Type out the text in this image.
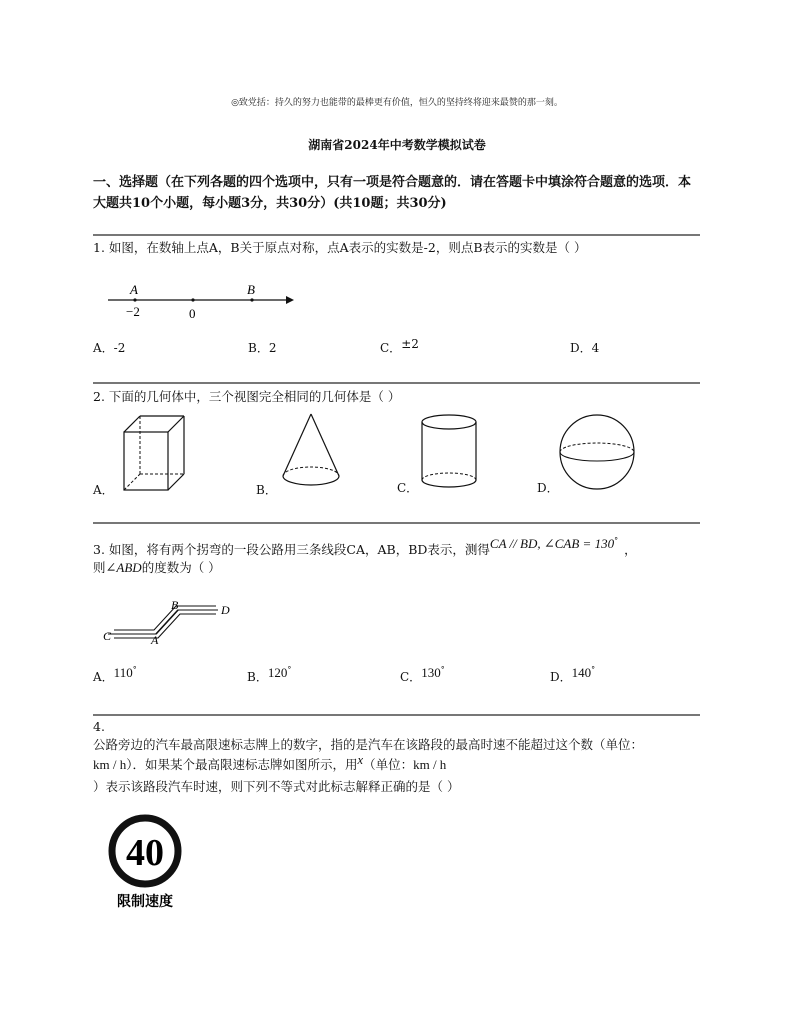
◎致党括：持久的努力也能带的最棒更有价值，恒久的坚持终将迎来最赞的那一刻。
湖南省2024年中考数学模拟试卷
一、选择题（在下列各题的四个选项中，只有一项是符合题意的．请在答题卡中填涂符合题意的选项．本大题共10个小题，每小题3分，共30分）(共10题；共30分)
1. 如图，在数轴上点A，B关于原点对称，点A表示的实数是-2，则点B表示的实数是（ ）
A	B
−2	0
A．-2	B．2	C．±2	D．4
2. 下面的几何体中，三个视图完全相同的几何体是（ ）
A．	B．	C．	D．
3. 如图，将有两个拐弯的一段公路用三条线段CA，AB，BD表示，测得CA // BD, ∠CAB = 130°，
则∠ABD的度数为（ ）
C	A
B	D
A．110°
B．120°
C．130°
D．140°
4.
公路旁边的汽车最高限速标志牌上的数字，指的是汽车在该路段的最高时速不能超过这个数（单位：
km / h）．如果某个最高限速标志牌如图所示，用x（单位：km / h
）表示该路段汽车时速，则下列不等式对此标志解释正确的是（ ）
40
限制速度
